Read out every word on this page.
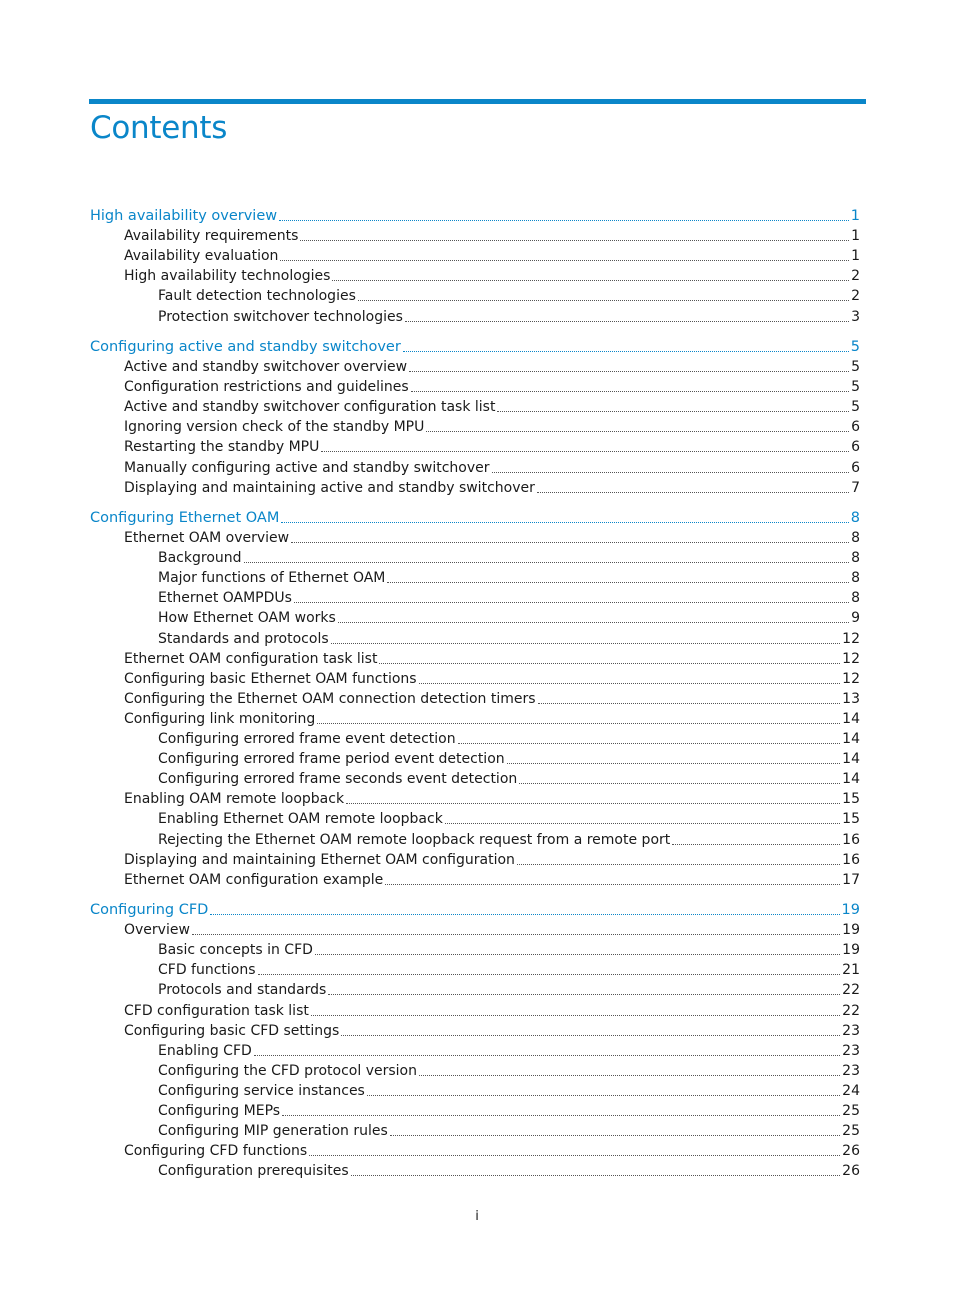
Contents
High availability overview	1
Availability requirements	1
Availability evaluation	1
High availability technologies	2
Fault detection technologies	2
Protection switchover technologies	3
Configuring active and standby switchover	5
Active and standby switchover overview	5
Configuration restrictions and guidelines	5
Active and standby switchover configuration task list	5
Ignoring version check of the standby MPU	6
Restarting the standby MPU	6
Manually configuring active and standby switchover	6
Displaying and maintaining active and standby switchover	7
Configuring Ethernet OAM	8
Ethernet OAM overview	8
Background	8
Major functions of Ethernet OAM	8
Ethernet OAMPDUs	8
How Ethernet OAM works	9
Standards and protocols	12
Ethernet OAM configuration task list	12
Configuring basic Ethernet OAM functions	12
Configuring the Ethernet OAM connection detection timers	13
Configuring link monitoring	14
Configuring errored frame event detection	14
Configuring errored frame period event detection	14
Configuring errored frame seconds event detection	14
Enabling OAM remote loopback	15
Enabling Ethernet OAM remote loopback	15
Rejecting the Ethernet OAM remote loopback request from a remote port	16
Displaying and maintaining Ethernet OAM configuration	16
Ethernet OAM configuration example	17
Configuring CFD	19
Overview	19
Basic concepts in CFD	19
CFD functions	21
Protocols and standards	22
CFD configuration task list	22
Configuring basic CFD settings	23
Enabling CFD	23
Configuring the CFD protocol version	23
Configuring service instances	24
Configuring MEPs	25
Configuring MIP generation rules	25
Configuring CFD functions	26
Configuration prerequisites	26
i
